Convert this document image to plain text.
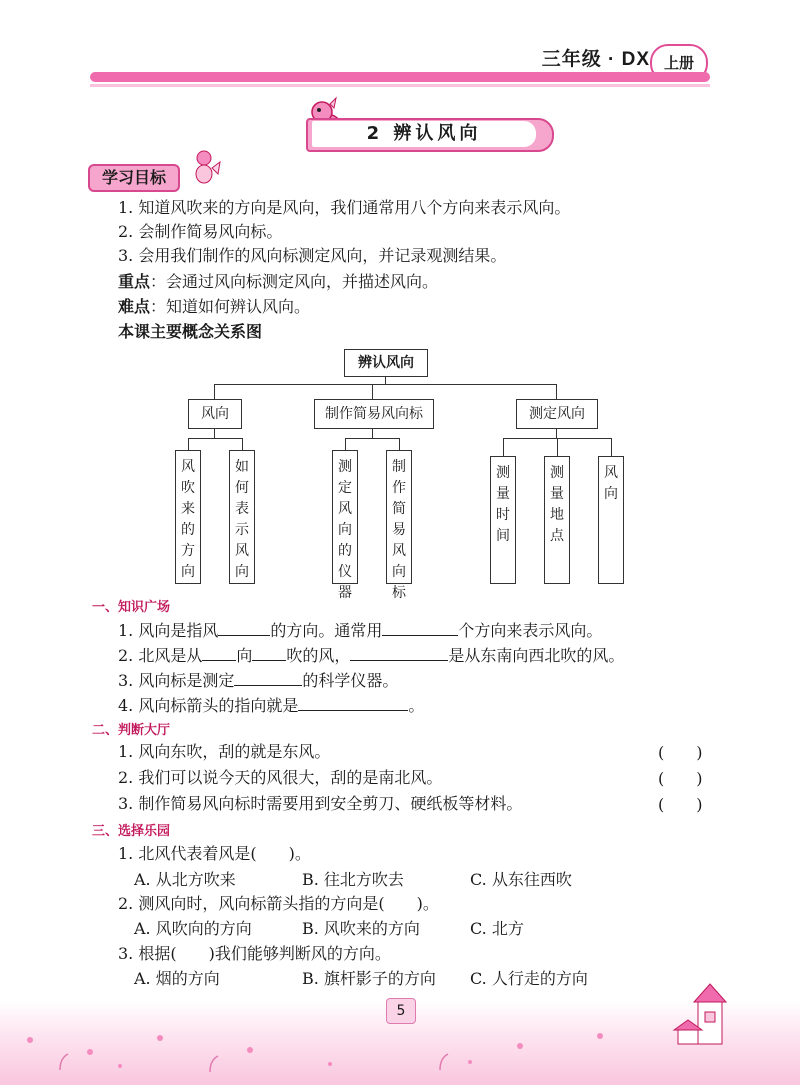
三年级 · DX 上册
2 辨认风向
学习目标
1. 知道风吹来的方向是风向，我们通常用八个方向来表示风向。
2. 会制作简易风向标。
3. 会用我们制作的风向标测定风向，并记录观测结果。
重点：会通过风向标测定风向，并描述风向。
难点：知道如何辨认风向。
本课主要概念关系图
辨认风向
风向	制作简易风向标	测定风向
风吹来的方向
如何表示风向
测定风向的仪器
制作简易风向标
测量时间
测量地点
风向
一、知识广场
1. 风向是指风	的方向。通常用	个方向来表示风向。
2. 北风是从 向 吹的风，	是从东南向西北吹的风。
3. 风向标是测定	的科学仪器。
4. 风向标箭头的指向就是	。
二、判断大厅
1. 风向东吹，刮的就是东风。	(　　)
2. 我们可以说今天的风很大，刮的是南北风。	(　　)
3. 制作简易风向标时需要用到安全剪刀、硬纸板等材料。	(　　)
三、选择乐园
1. 北风代表着风是(　　)。
A. 从北方吹来	B. 往北方吹去	C. 从东往西吹
2. 测风向时，风向标箭头指的方向是(　　)。
A. 风吹向的方向	B. 风吹来的方向	C. 北方
3. 根据(　　)我们能够判断风的方向。
A. 烟的方向	B. 旗杆影子的方向 C. 人行走的方向
5
